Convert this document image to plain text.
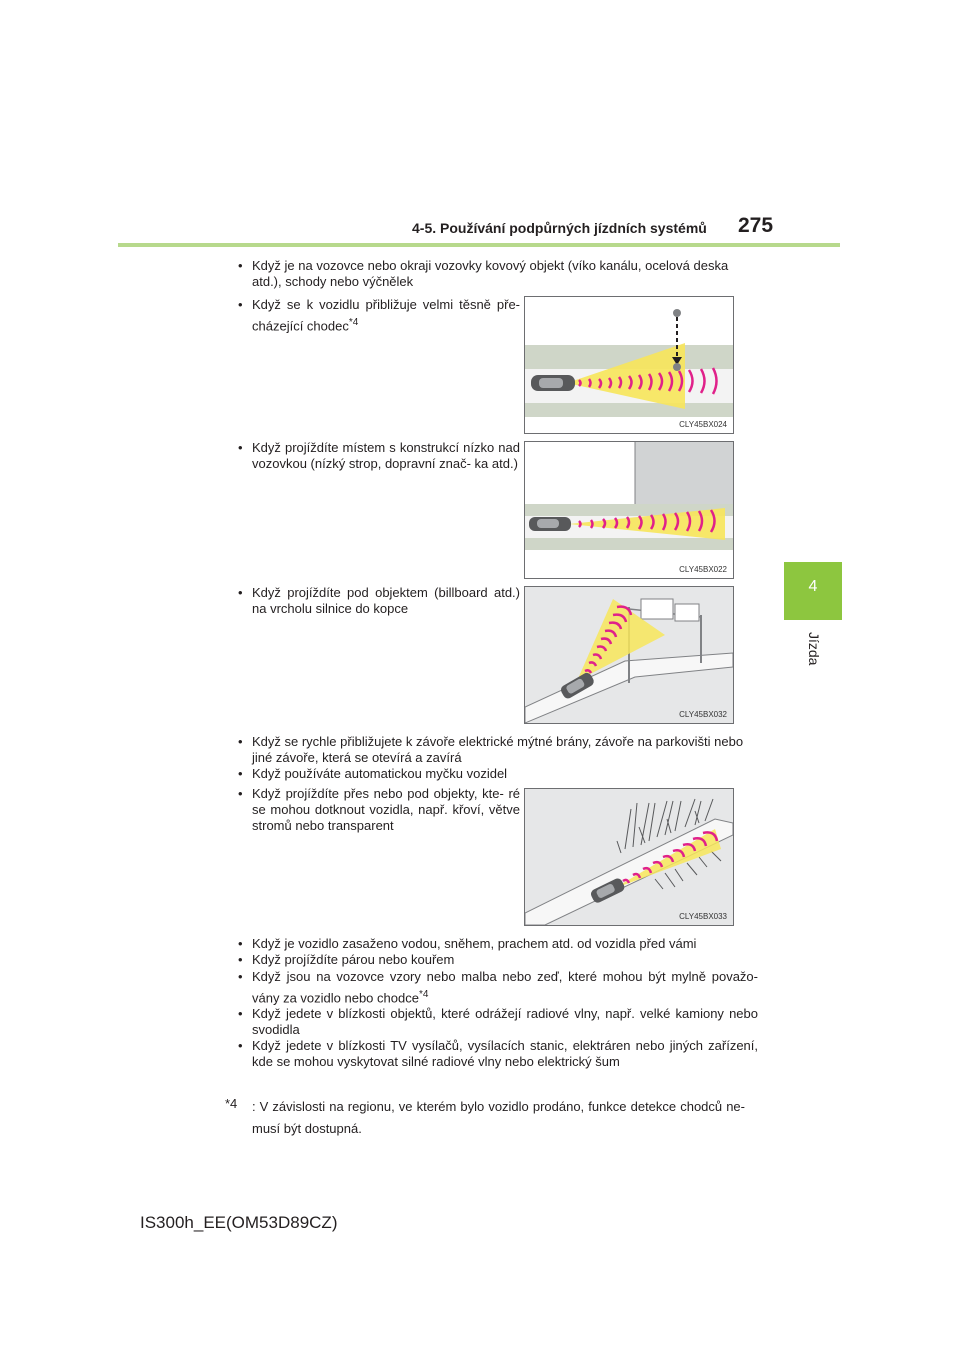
4-5. Používání podpůrných jízdních systémů 275
4
Jízda
• Když je na vozovce nebo okraji vozovky kovový objekt (víko kanálu, ocelová deska atd.), schody nebo výčnělek
• Když se k vozidlu přibližuje velmi těsně pře- cházející chodec$^{*4}$
CLY45BX024
• Když projíždíte místem s konstrukcí nízko nad vozovkou (nízký strop, dopravní znač- ka atd.)
CLY45BX022
• Když projíždíte pod objektem (billboard atd.) na vrcholu silnice do kopce
CLY45BX032
• Když se rychle přibližujete k závoře elektrické mýtné brány, závoře na parkovišti nebo jiné závoře, která se otevírá a zavírá
• Když používáte automatickou myčku vozidel
• Když projíždíte přes nebo pod objekty, kte- ré se mohou dotknout vozidla, např. křoví, větve stromů nebo transparent
CLY45BX033
• Když je vozidlo zasaženo vodou, sněhem, prachem atd. od vozidla před vámi
• Když projíždíte párou nebo kouřem
• Když jsou na vozovce vzory nebo malba nebo zeď, které mohou být mylně považo- vány za vozidlo nebo chodce$^{*4}$
• Když jedete v blízkosti objektů, které odrážejí radiové vlny, např. velké kamiony nebo svodidla
• Když jedete v blízkosti TV vysílačů, vysílacích stanic, elektráren nebo jiných zařízení, kde se mohou vyskytovat silné radiové vlny nebo elektrický šum
*4	: V závislosti na regionu, ve kterém bylo vozidlo prodáno, funkce detekce chodců ne- musí být dostupná.
IS300h_EE(OM53D89CZ)
